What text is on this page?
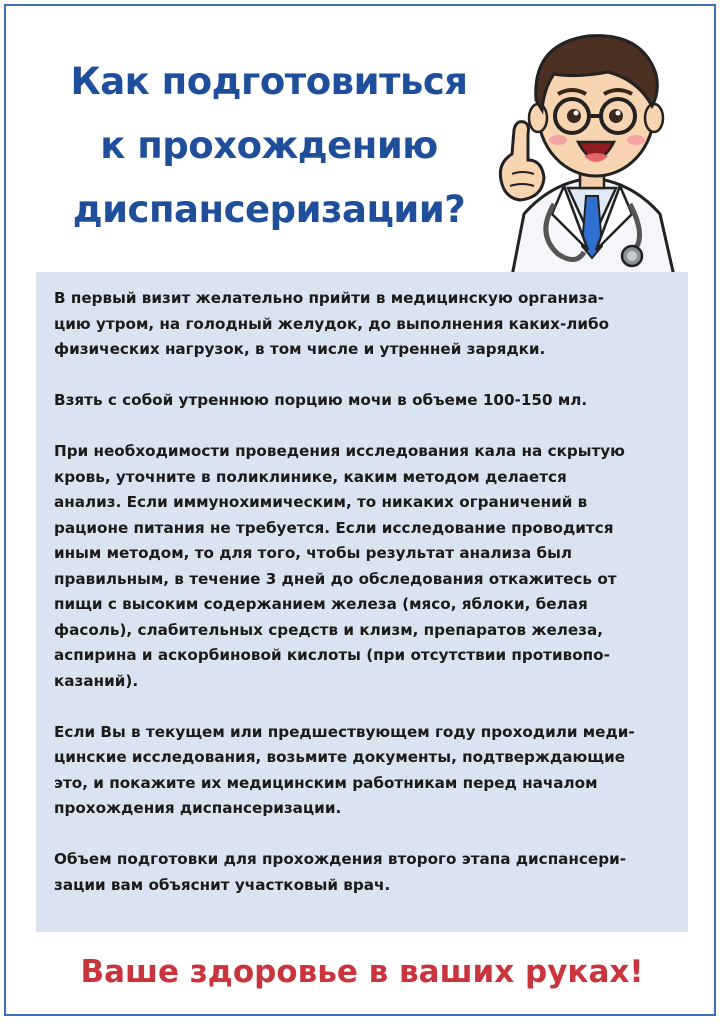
Как подготовиться
к прохождению
диспансеризации?

В первый визит желательно прийти в медицинскую организа-
цию утром, на голодный желудок, до выполнения каких-либо
физических нагрузок, в том числе и утренней зарядки.

Взять с собой утреннюю порцию мочи в объеме 100-150 мл.

При необходимости проведения исследования кала на скрытую
кровь, уточните в поликлинике, каким методом делается
анализ. Если иммунохимическим, то никаких ограничений в
рационе питания не требуется. Если исследование проводится
иным методом, то для того, чтобы результат анализа был
правильным, в течение 3 дней до обследования откажитесь от
пищи с высоким содержанием железа (мясо, яблоки, белая
фасоль), слабительных средств и клизм, препаратов железа,
аспирина и аскорбиновой кислоты (при отсутствии противопо-
казаний).

Если Вы в текущем или предшествующем году проходили меди-
цинские исследования, возьмите документы, подтверждающие
это, и покажите их медицинским работникам перед началом
прохождения диспансеризации.

Объем подготовки для прохождения второго этапа диспансери-
зации вам объяснит участковый врач.

Ваше здоровье в ваших руках!
